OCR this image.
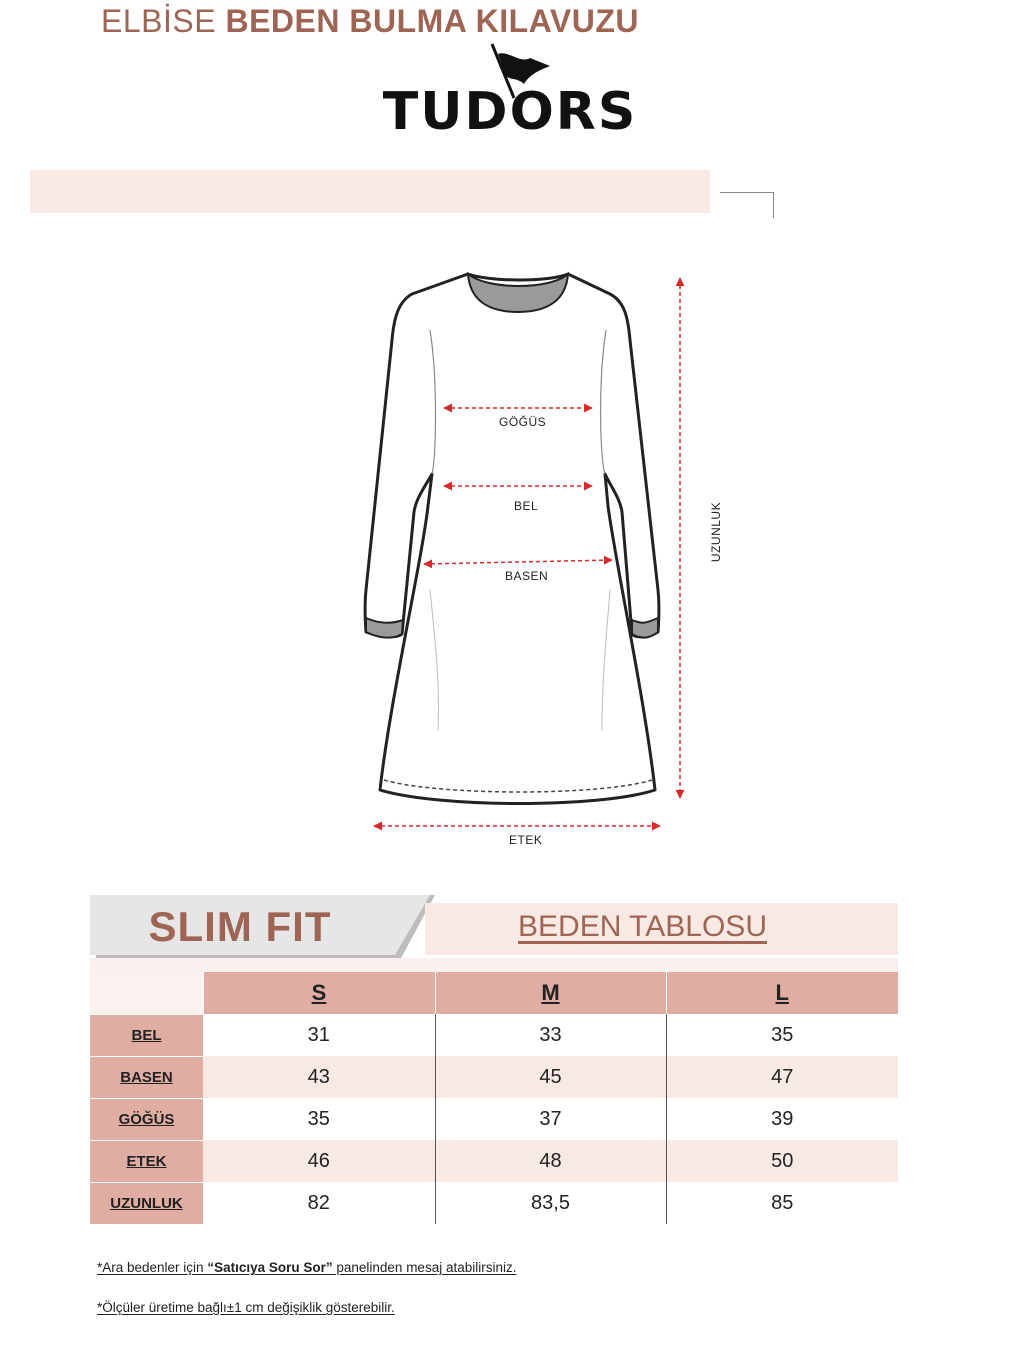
TUDORS
ELBİSE BEDEN BULMA KILAVUZU
GÖĞÜS
BEL
BASEN
ETEK
UZUNLUK
SLIM FIT	BEDEN TABLOSU
	S	M	L
BEL	31	33	35
BASEN	43	45	47
GÖĞÜS	35	37	39
ETEK	46	48	50
UZUNLUK	82	83,5	85
*Ara bedenler için “Satıcıya Soru Sor” panelinden mesaj atabilirsiniz.
*Ölçüler üretime bağlı±1 cm değişiklik gösterebilir.
